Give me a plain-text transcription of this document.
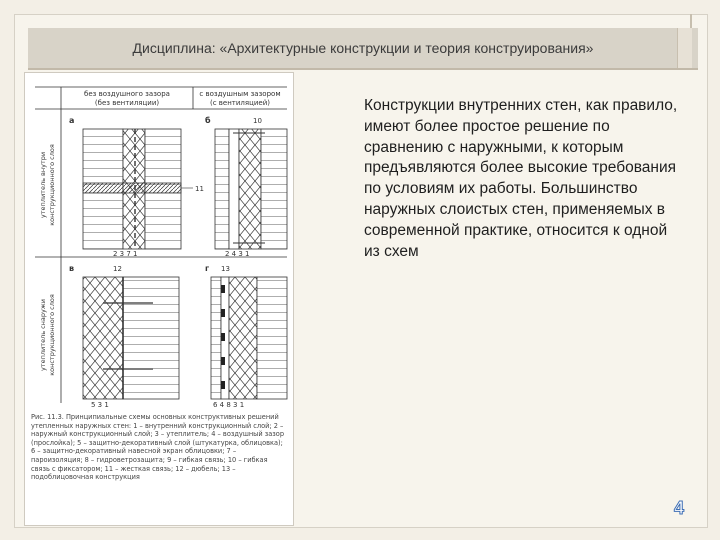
Дисциплина: «Архитектурные конструкции и теория конструирования»
без воздушного зазора
(без вентиляции)
с воздушным зазором
(с вентиляцией)
утеплитель внутри конструкционного слоя
утеплитель снаружи конструкционного слоя
а
11
2 3 7 1
б	10
2 4 3 1
в	12
5 3 1
г 13
6 4 8 3 1
Рис. 11.3. Принципиальные схемы основных конструктивных решений утепленных наружных стен: 1 – внутренний конструкционный слой; 2 – наружный конструкционный слой; 3 – утеплитель; 4 – воздушный зазор (прослойка); 5 – защитно-декоративный слой (штукатурка, облицовка); 6 – защитно-декоративный навесной экран облицовки; 7 – пароизоляция; 8 – гидроветрозащита; 9 – гибкая связь; 10 – гибкая связь с фиксатором; 11 – жесткая связь; 12 – дюбель; 13 – подоблицовочная конструкция
Конструкции внутренних стен, как правило, имеют более простое решение по сравнению с наружными, к которым предъявляются более высокие требования по условиям их работы. Большинство наружных слоистых стен, применяемых в современной практике, относится к одной из схем
4
